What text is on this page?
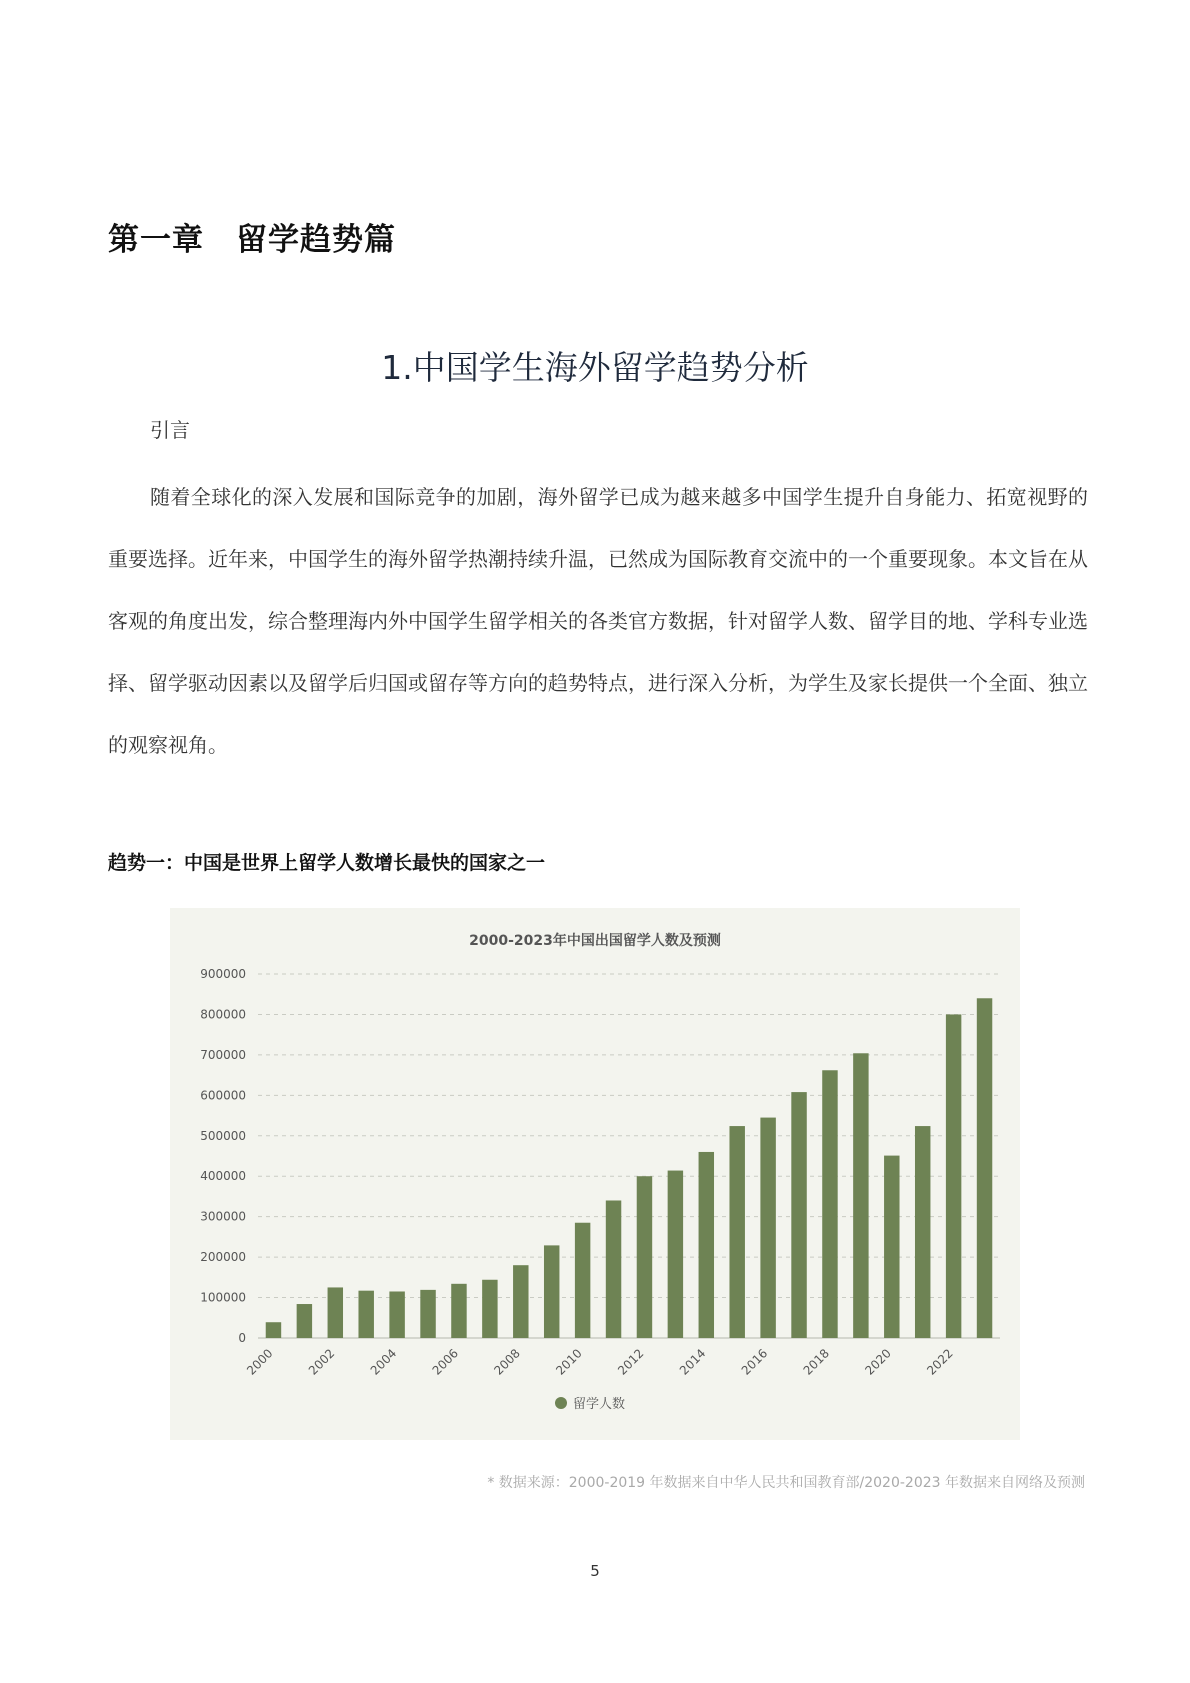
第一章　留学趋势篇
1.中国学生海外留学趋势分析
引言
随着全球化的深入发展和国际竞争的加剧，海外留学已成为越来越多中国学生提升自身能力、拓宽视野的重要选择。近年来，中国学生的海外留学热潮持续升温，已然成为国际教育交流中的一个重要现象。本文旨在从客观的角度出发，综合整理海内外中国学生留学相关的各类官方数据，针对留学人数、留学目的地、学科专业选择、留学驱动因素以及留学后归国或留存等方向的趋势特点，进行深入分析，为学生及家长提供一个全面、独立的观察视角。
趋势一：中国是世界上留学人数增长最快的国家之一
2000-2023年中国出国留学人数及预测
0
100000
200000
300000
400000
500000
600000
700000
800000
900000
2000	2002	2004	2006	2008	2010	2012	2014	2016	2018	2020	2022
留学人数
* 数据来源：2000-2019 年数据来自中华人民共和国教育部/2020-2023 年数据来自网络及预测
5
